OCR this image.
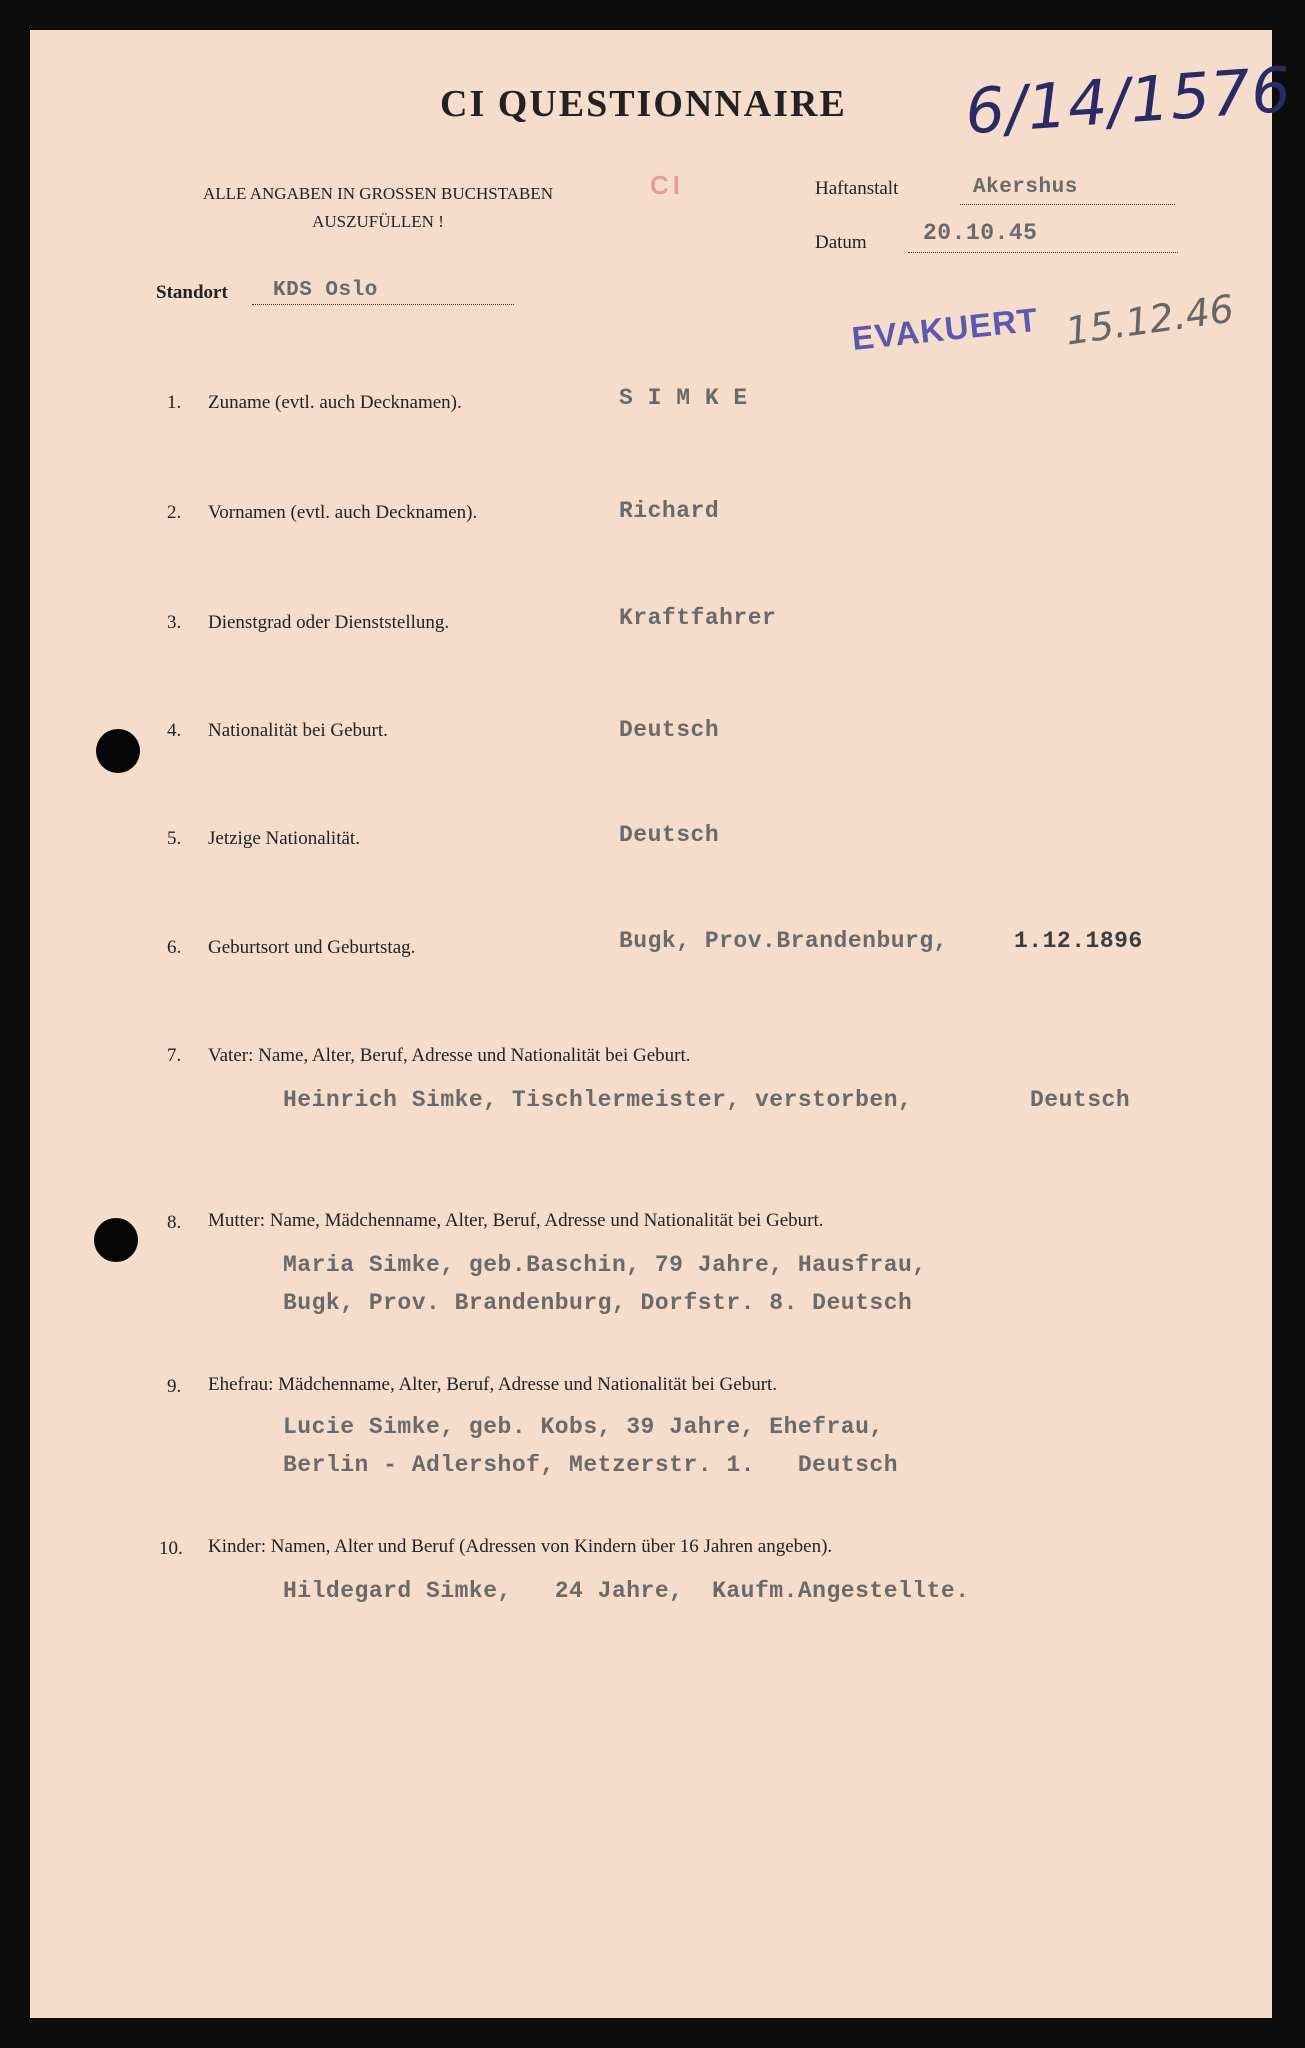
CI QUESTIONNAIRE 6/14/1576
ALLE ANGABEN IN GROSSEN BUCHSTABEN
AUSZUFÜLLEN !
CI	Haftanstalt	Akershus
Datum 20.10.45
Standort KDS Oslo
EVAKUERT 15.12.46
1. Zuname (evtl. auch Decknamen).	S I M K E
2. Vornamen (evtl. auch Decknamen).	Richard
3. Dienstgrad oder Dienststellung.	Kraftfahrer
4. Nationalität bei Geburt.	Deutsch
5. Jetzige Nationalität.	Deutsch
6. Geburtsort und Geburtstag.	Bugk, Prov.Brandenburg,	1.12.1896
7. Vater: Name, Alter, Beruf, Adresse und Nationalität bei Geburt.
Heinrich Simke, Tischlermeister, verstorben,	Deutsch
8. Mutter: Name, Mädchenname, Alter, Beruf, Adresse und Nationalität bei Geburt.
Maria Simke, geb.Baschin, 79 Jahre, Hausfrau,
Bugk, Prov. Brandenburg, Dorfstr. 8. Deutsch
9. Ehefrau: Mädchenname, Alter, Beruf, Adresse und Nationalität bei Geburt.
Lucie Simke, geb. Kobs, 39 Jahre, Ehefrau,
Berlin - Adlershof, Metzerstr. 1.   Deutsch
10. Kinder: Namen, Alter und Beruf (Adressen von Kindern über 16 Jahren angeben).
Hildegard Simke,   24 Jahre,  Kaufm.Angestellte.
